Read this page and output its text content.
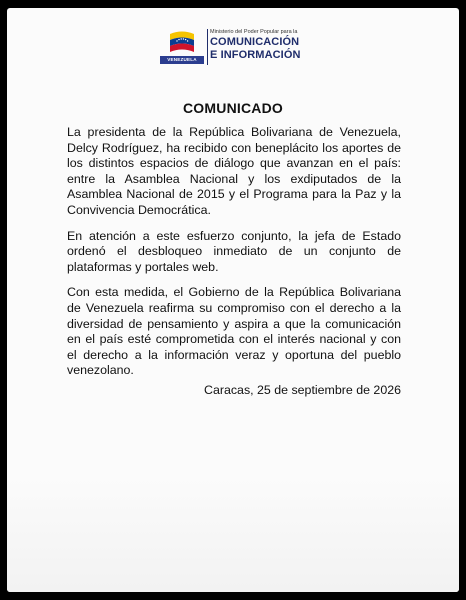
VENEZUELA
Ministerio del Poder Popular para la
COMUNICACIÓN
E INFORMACIÓN
COMUNICADO

La presidenta de la República Bolivariana de Venezuela, Delcy Rodríguez, ha recibido con beneplácito los aportes de los distintos espacios de diálogo que avanzan en el país: entre la Asamblea Nacional y los exdiputados de la Asamblea Nacional de 2015 y el Programa para la Paz y la Convivencia Democrática.

En atención a este esfuerzo conjunto, la jefa de Estado ordenó el desbloqueo inmediato de un conjunto de plataformas y portales web.

Con esta medida, el Gobierno de la República Bolivariana de Venezuela reafirma su compromiso con el derecho a la diversidad de pensamiento y aspira a que la comunicación en el país esté comprometida con el interés nacional y con el derecho a la información veraz y oportuna del pueblo venezolano.

Caracas, 25 de septiembre de 2026
